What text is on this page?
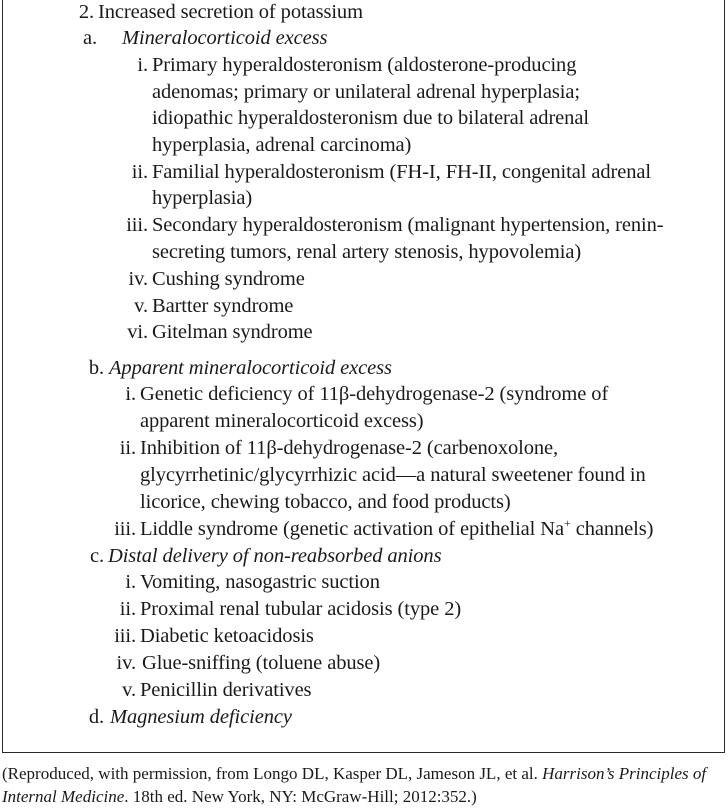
2. Increased secretion of potassium
a. Mineralocorticoid excess
i. Primary hyperaldosteronism (aldosterone-producing
adenomas; primary or unilateral adrenal hyperplasia;
idiopathic hyperaldosteronism due to bilateral adrenal
hyperplasia, adrenal carcinoma)
ii. Familial hyperaldosteronism (FH-I, FH-II, congenital adrenal
hyperplasia)
iii. Secondary hyperaldosteronism (malignant hypertension, renin-
secreting tumors, renal artery stenosis, hypovolemia)
iv. Cushing syndrome
v. Bartter syndrome
vi. Gitelman syndrome
b. Apparent mineralocorticoid excess
i. Genetic deficiency of 11β-dehydrogenase-2 (syndrome of
apparent mineralocorticoid excess)
ii. Inhibition of 11β-dehydrogenase-2 (carbenoxolone,
glycyrrhetinic/glycyrrhizic acid—a natural sweetener found in
licorice, chewing tobacco, and food products)
iii. Liddle syndrome (genetic activation of epithelial Na+ channels)
c. Distal delivery of non-reabsorbed anions
i. Vomiting, nasogastric suction
ii. Proximal renal tubular acidosis (type 2)
iii. Diabetic ketoacidosis
iv. Glue-sniffing (toluene abuse)
v. Penicillin derivatives
d. Magnesium deficiency
(Reproduced, with permission, from Longo DL, Kasper DL, Jameson JL, et al. Harrison’s Principles of
Internal Medicine. 18th ed. New York, NY: McGraw-Hill; 2012:352.)
